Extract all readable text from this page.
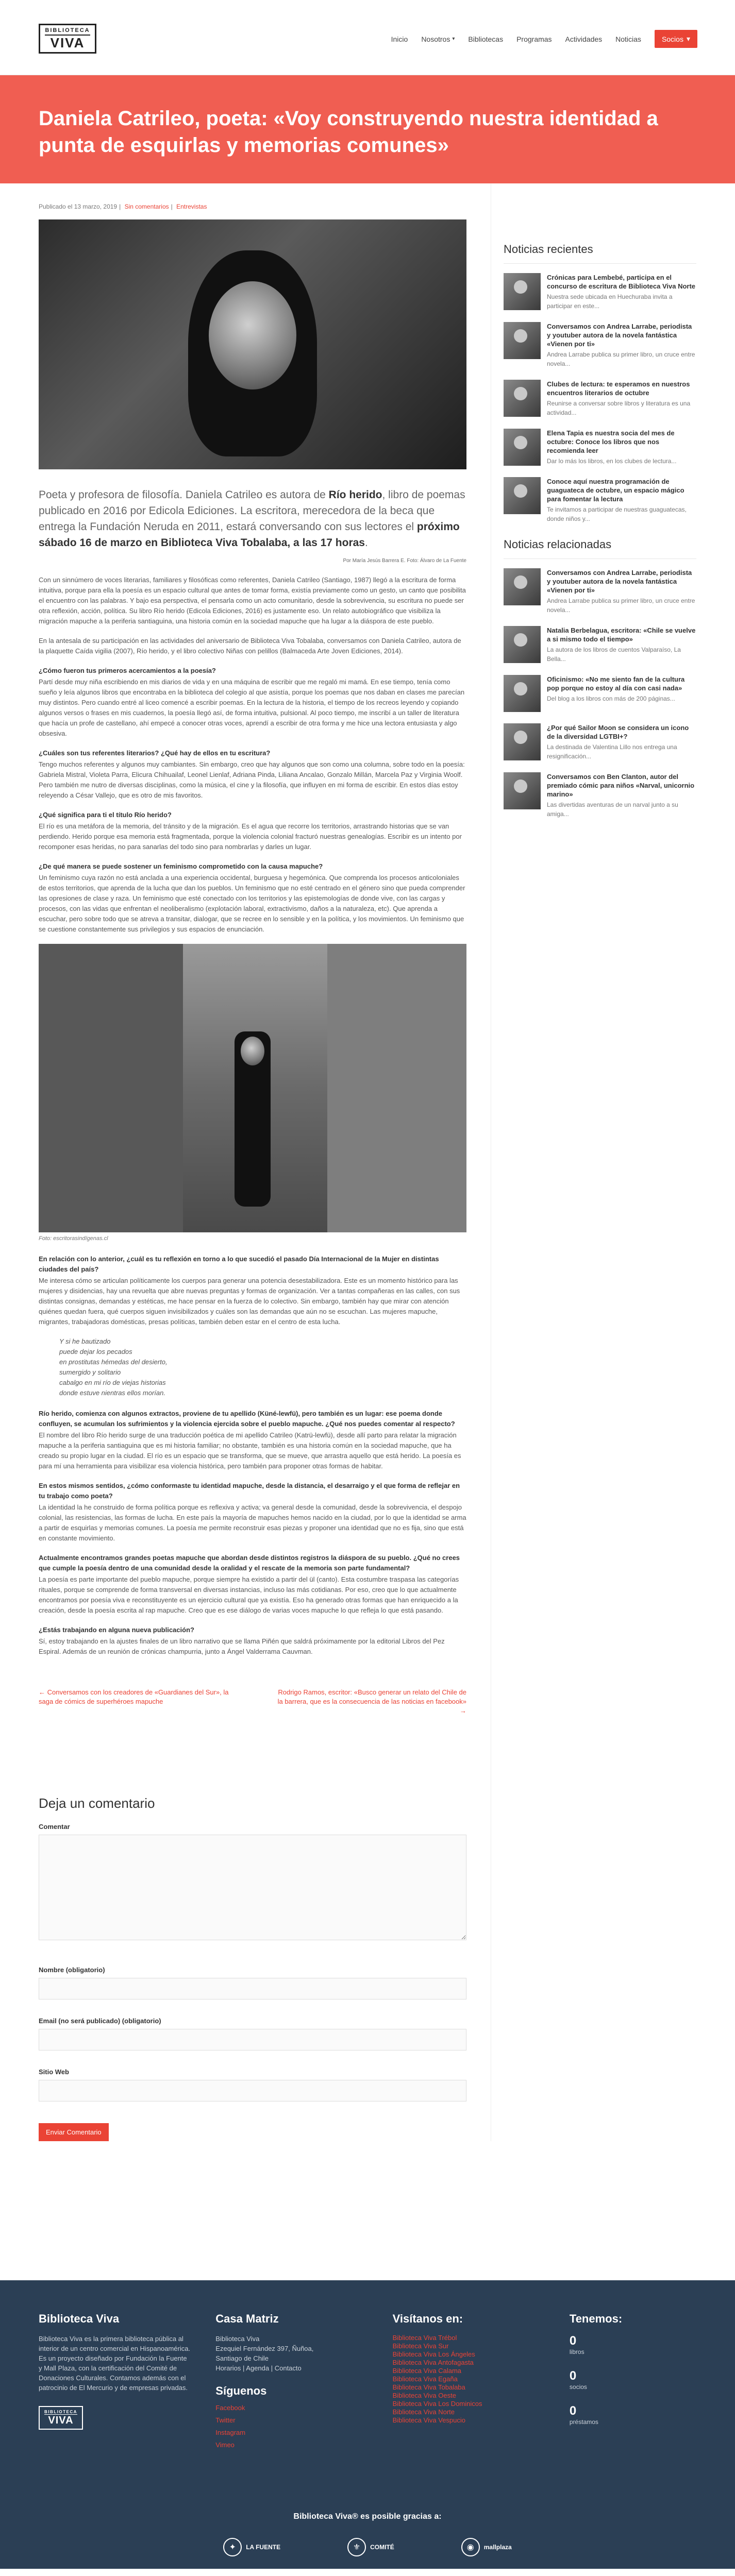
BIBLIOTECA
VIVA	Inicio Nosotros ▾ Bibliotecas Programas Actividades Noticias	Socios ▾
Daniela Catrileo, poeta: «Voy construyendo nuestra identidad a punta de esquirlas y memorias comunes»
Publicado el 13 marzo, 2019 | Sin comentarios | Entrevistas

Poeta y profesora de filosofía. Daniela Catrileo es autora de Río herido, libro de poemas publicado en 2016 por Edicola Ediciones. La escritora, merecedora de la beca que entrega la Fundación Neruda en 2011, estará conversando con sus lectores el próximo sábado 16 de marzo en Biblioteca Viva Tobalaba, a las 17 horas.

Por María Jesús Barrera E. Foto: Álvaro de La Fuente

Con un sinnúmero de voces literarias, familiares y filosóficas como referentes, Daniela Catrileo (Santiago, 1987) llegó a la escritura de forma intuitiva, porque para ella la poesía es un espacio cultural que antes de tomar forma, existía previamente como un gesto, un canto que posibilita el encuentro con las palabras. Y bajo esa perspectiva, el pensarla como un acto comunitario, desde la sobrevivencia, su escritura no puede ser otra reflexión, acción, política. Su libro Río herido (Edicola Ediciones, 2016) es justamente eso. Un relato autobiográfico que visibiliza la migración mapuche a la periferia santiaguina, una historia común en la sociedad mapuche que ha lugar a la diáspora de este pueblo.

En la antesala de su participación en las actividades del aniversario de Biblioteca Viva Tobalaba, conversamos con Daniela Catrileo, autora de la plaquette Caída vigilia (2007), Río herido, y el libro colectivo Niñas con pelillos (Balmaceda Arte Joven Ediciones, 2014).

¿Cómo fueron tus primeros acercamientos a la poesía?

Partí desde muy niña escribiendo en mis diarios de vida y en una máquina de escribir que me regaló mi mamá. En ese tiempo, tenía como sueño y leía algunos libros que encontraba en la biblioteca del colegio al que asistía, porque los poemas que nos daban en clases me parecían muy distintos. Pero cuando entré al liceo comencé a escribir poemas. En la lectura de la historia, el tiempo de los recreos leyendo y copiando algunos versos o frases en mis cuadernos, la poesía llegó así, de forma intuitiva, pulsional. Al poco tiempo, me inscribí a un taller de literatura que hacía un profe de castellano, ahí empecé a conocer otras voces, aprendí a escribir de otra forma y me hice una lectora entusiasta y algo obsesiva.

¿Cuáles son tus referentes literarios? ¿Qué hay de ellos en tu escritura?

Tengo muchos referentes y algunos muy cambiantes. Sin embargo, creo que hay algunos que son como una columna, sobre todo en la poesía: Gabriela Mistral, Violeta Parra, Elicura Chihuailaf, Leonel Lienlaf, Adriana Pinda, Liliana Ancalao, Gonzalo Millán, Marcela Paz y Virginia Woolf. Pero también me nutro de diversas disciplinas, como la música, el cine y la filosofía, que influyen en mi forma de escribir. En estos días estoy releyendo a César Vallejo, que es otro de mis favoritos.

¿Qué significa para ti el título Río herido?

El río es una metáfora de la memoria, del tránsito y de la migración. Es el agua que recorre los territorios, arrastrando historias que se van perdiendo. Herido porque esa memoria está fragmentada, porque la violencia colonial fracturó nuestras genealogías. Escribir es un intento por recomponer esas heridas, no para sanarlas del todo sino para nombrarlas y darles un lugar.

¿De qué manera se puede sostener un feminismo comprometido con la causa mapuche?

Un feminismo cuya razón no está anclada a una experiencia occidental, burguesa y hegemónica. Que comprenda los procesos anticoloniales de estos territorios, que aprenda de la lucha que dan los pueblos. Un feminismo que no esté centrado en el género sino que pueda comprender las opresiones de clase y raza. Un feminismo que esté conectado con los territorios y las epistemologías de donde vive, con las cargas y procesos, con las vidas que enfrentan el neoliberalismo (explotación laboral, extractivismo, daños a la naturaleza, etc). Que aprenda a escuchar, pero sobre todo que se atreva a transitar, dialogar, que se recree en lo sensible y en la política, y los movimientos. Un feminismo que se cuestione constantemente sus privilegios y sus espacios de enunciación.

Foto: escritorasindígenas.cl

En relación con lo anterior, ¿cuál es tu reflexión en torno a lo que sucedió el pasado Día Internacional de la Mujer en distintas ciudades del país?

Me interesa cómo se articulan políticamente los cuerpos para generar una potencia desestabilizadora. Este es un momento histórico para las mujeres y disidencias, hay una revuelta que abre nuevas preguntas y formas de organización. Ver a tantas compañeras en las calles, con sus distintas consignas, demandas y estéticas, me hace pensar en la fuerza de lo colectivo. Sin embargo, también hay que mirar con atención quiénes quedan fuera, qué cuerpos siguen invisibilizados y cuáles son las demandas que aún no se escuchan. Las mujeres mapuche, migrantes, trabajadoras domésticas, presas políticas, también deben estar en el centro de esta lucha.

Y si he bautizado
puede dejar los pecados
en prostitutas hémedas del desierto,
sumergido y solitario
cabalgo en mi río de viejas historias
donde estuve nientras ellos morían.

Río herido, comienza con algunos extractos, proviene de tu apellido (Küné-lewfü), pero también es un lugar: ese poema donde confluyen, se acumulan los sufrimientos y la violencia ejercida sobre el pueblo mapuche. ¿Qué nos puedes comentar al respecto?

El nombre del libro Río herido surge de una traducción poética de mi apellido Catrileo (Katrü-lewfü), desde allí parto para relatar la migración mapuche a la periferia santiaguina que es mi historia familiar; no obstante, también es una historia común en la sociedad mapuche, que ha creado su propio lugar en la ciudad. El río es un espacio que se transforma, que se mueve, que arrastra aquello que está herido. La poesía es para mí una herramienta para visibilizar esa violencia histórica, pero también para proponer otras formas de habitar.

En estos mismos sentidos, ¿cómo conformaste tu identidad mapuche, desde la distancia, el desarraigo y el que forma de reflejar en tu trabajo como poeta?

La identidad la he construido de forma política porque es reflexiva y activa; va general desde la comunidad, desde la sobrevivencia, el despojo colonial, las resistencias, las formas de lucha. En este país la mayoría de mapuches hemos nacido en la ciudad, por lo que la identidad se arma a partir de esquirlas y memorias comunes. La poesía me permite reconstruir esas piezas y proponer una identidad que no es fija, sino que está en constante movimiento.

Actualmente encontramos grandes poetas mapuche que abordan desde distintos registros la diáspora de su pueblo. ¿Qué no crees que cumple la poesía dentro de una comunidad desde la oralidad y el rescate de la memoria son parte fundamental?

La poesía es parte importante del pueblo mapuche, porque siempre ha existido a partir del ül (canto). Esta costumbre traspasa las categorías rituales, porque se comprende de forma transversal en diversas instancias, incluso las más cotidianas. Por eso, creo que lo que actualmente encontramos por poesía viva e reconstituyente es un ejercicio cultural que ya existía. Eso ha generado otras formas que han enriquecido a la creación, desde la poesía escrita al rap mapuche. Creo que es ese diálogo de varias voces mapuche lo que refleja lo que está pasando.

¿Estás trabajando en alguna nueva publicación?

Sí, estoy trabajando en la ajustes finales de un libro narrativo que se llama Piñén que saldrá próximamente por la editorial Libros del Pez Espiral. Además de un reunión de crónicas champurria, junto a Ángel Valderrama Cauvman.

← Conversamos con los creadores de «Guardianes del Sur», la saga de cómics de superhéroes mapuche
Rodrigo Ramos, escritor: «Busco generar un relato del Chile de la barrera, que es la consecuencia de las noticias en facebook» →
Deja un comentario
Comentar
Nombre (obligatorio)
Email (no será publicado) (obligatorio)
Sitio Web
Enviar Comentario
Noticias recientes
Crónicas para Lembebé, participa en el concurso de escritura de Biblioteca Viva Norte
Nuestra sede ubicada en Huechuraba invita a participar en este...
Conversamos con Andrea Larrabe, periodista y youtuber autora de la novela fantástica «Vienen por ti»
Andrea Larrabe publica su primer libro, un cruce entre novela...
Clubes de lectura: te esperamos en nuestros encuentros literarios de octubre
Reunirse a conversar sobre libros y literatura es una actividad...
Elena Tapia es nuestra socia del mes de octubre: Conoce los libros que nos recomienda leer
Dar lo más los libros, en los clubes de lectura...
Conoce aquí nuestra programación de guaguateca de octubre, un espacio mágico para fomentar la lectura
Te invitamos a participar de nuestras guaguatecas, donde niños y...
Noticias relacionadas
Conversamos con Andrea Larrabe, periodista y youtuber autora de la novela fantástica «Vienen por ti»
Andrea Larrabe publica su primer libro, un cruce entre novela...
Natalia Berbelagua, escritora: «Chile se vuelve a si mismo todo el tiempo»
La autora de los libros de cuentos Valparaíso, La Bella...
Oficinismo: «No me siento fan de la cultura pop porque no estoy al día con casi nada»
Del blog a los libros con más de 200 páginas...
¿Por qué Sailor Moon se considera un icono de la diversidad LGTBI+?
La destinada de Valentina Lillo nos entrega una resignificación...
Conversamos con Ben Clanton, autor del premiado cómic para niños «Narval, unicornio marino»
Las divertidas aventuras de un narval junto a su amiga...
Biblioteca Viva

Biblioteca Viva es la primera biblioteca pública al interior de un centro comercial en Hispanoamérica. Es un proyecto diseñado por Fundación la Fuente y Mall Plaza, con la certificación del Comité de Donaciones Culturales. Contamos además con el patrocinio de El Mercurio y de empresas privadas.

BIBLIOTECA
VIVA
Casa Matriz

Biblioteca Viva

Ezequiel Fernández 397, Ñuñoa,

Santiago de Chile

Horarios | Agenda | Contacto

Síguenos
Facebook
Twitter
Instagram
Vimeo
Visítanos en:
Biblioteca Viva Trébol
Biblioteca Viva Sur
Biblioteca Viva Los Ángeles
Biblioteca Viva Antofagasta
Biblioteca Viva Calama
Biblioteca Viva Egaña
Biblioteca Viva Tobalaba
Biblioteca Viva Oeste
Biblioteca Viva Los Dominicos
Biblioteca Viva Norte
Biblioteca Viva Vespucio
Tenemos:
0
libros
0
socios
0
préstamos
Biblioteca Viva® es posible gracias a:
✦	LA FUENTE	⚜	COMITÉ	◉	mallplaza
